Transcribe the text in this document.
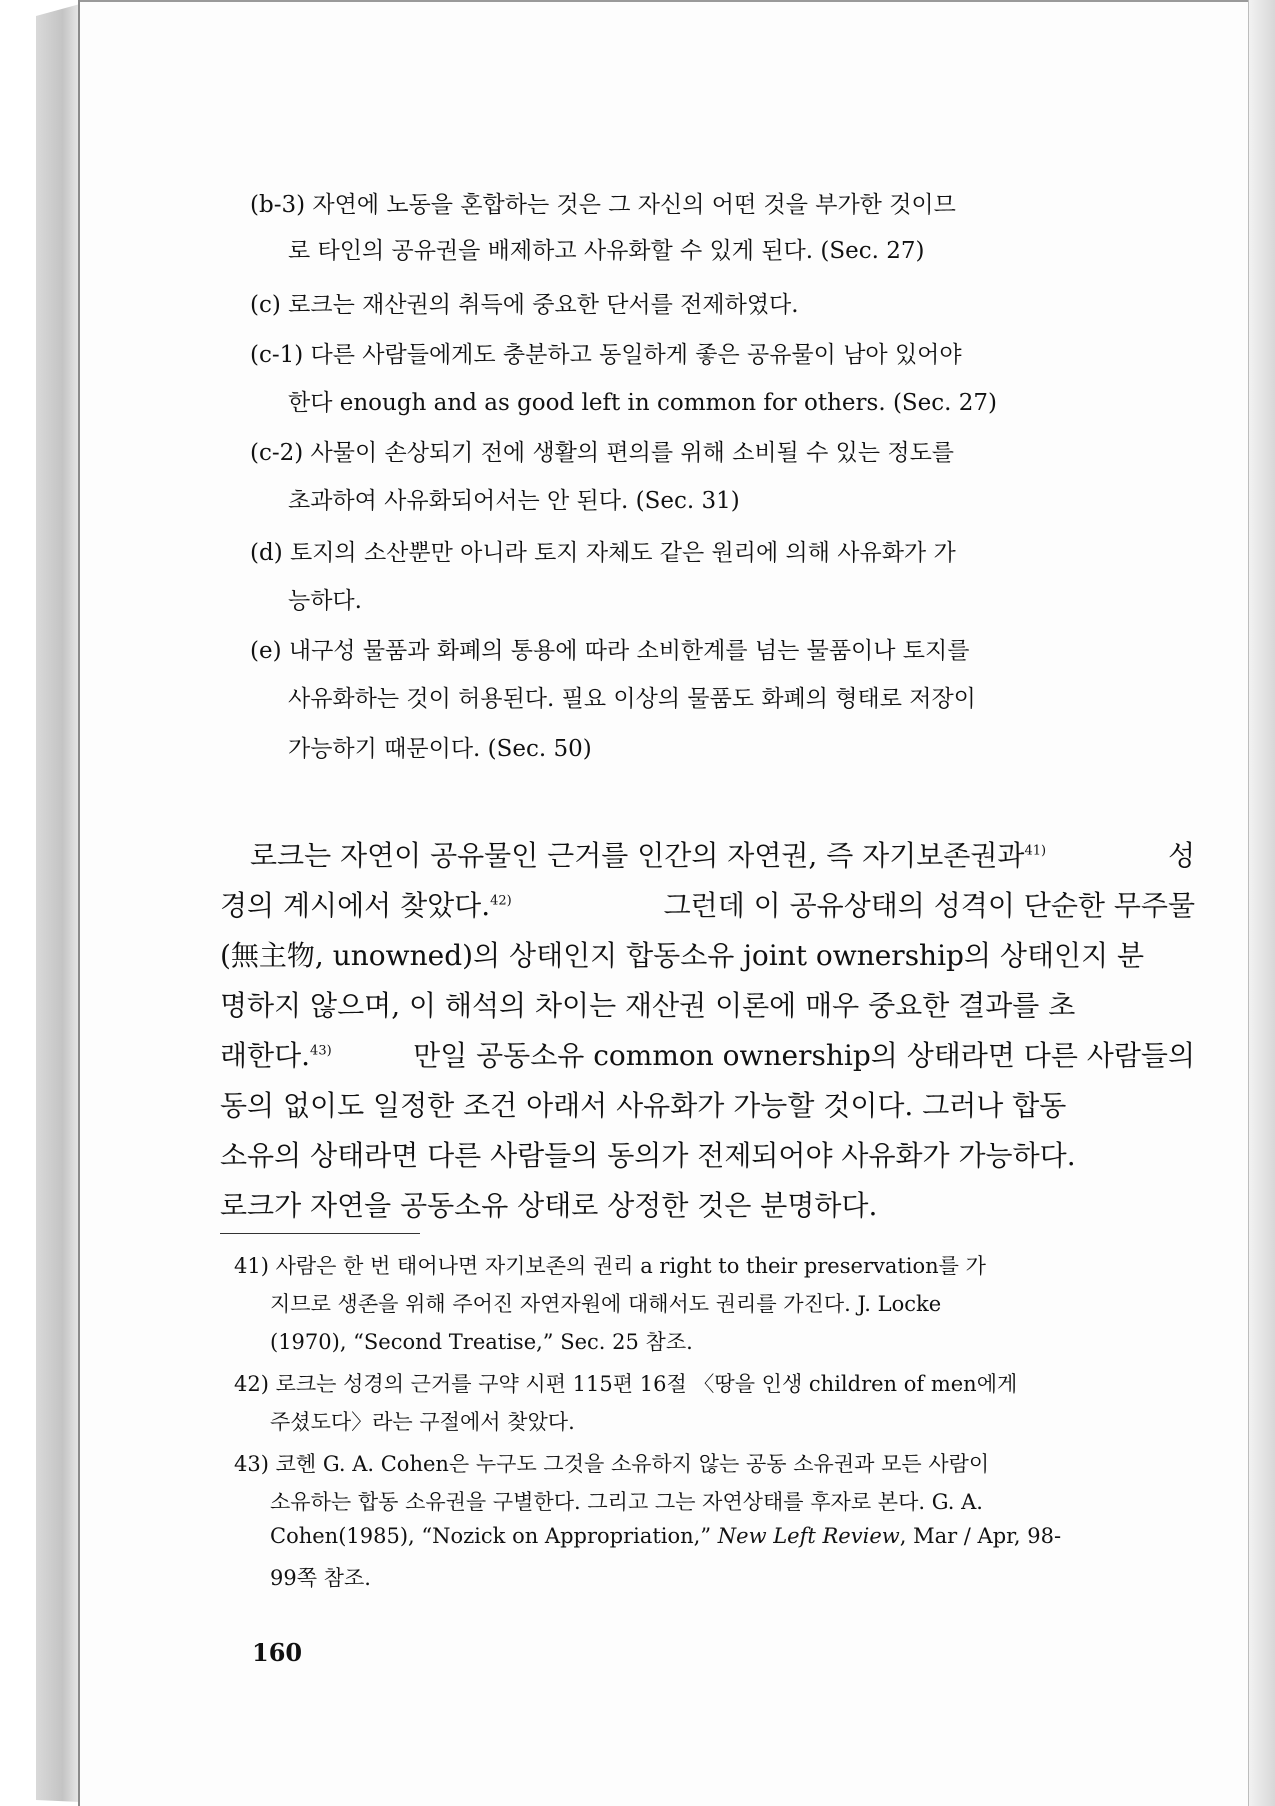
(b-3) 자연에 노동을 혼합하는 것은 그 자신의 어떤 것을 부가한 것이므
로 타인의 공유권을 배제하고 사유화할 수 있게 된다. (Sec. 27)
(c) 로크는 재산권의 취득에 중요한 단서를 전제하였다.
(c-1) 다른 사람들에게도 충분하고 동일하게 좋은 공유물이 남아 있어야
한다 enough and as good left in common for others. (Sec. 27)
(c-2) 사물이 손상되기 전에 생활의 편의를 위해 소비될 수 있는 정도를
초과하여 사유화되어서는 안 된다. (Sec. 31)
(d) 토지의 소산뿐만 아니라 토지 자체도 같은 원리에 의해 사유화가 가
능하다.
(e) 내구성 물품과 화폐의 통용에 따라 소비한계를 넘는 물품이나 토지를
사유화하는 것이 허용된다. 필요 이상의 물품도 화폐의 형태로 저장이
가능하기 때문이다. (Sec. 50)
로크는 자연이 공유물인 근거를 인간의 자연권, 즉 자기보존권과$^{41)}$	성
경의 계시에서 찾았다.$^{42)}$	그런데 이 공유상태의 성격이 단순한 무주물
(無主物, unowned)의 상태인지 합동소유 joint ownership의 상태인지 분
명하지 않으며, 이 해석의 차이는 재산권 이론에 매우 중요한 결과를 초
래한다.$^{43)}$	만일 공동소유 common ownership의 상태라면 다른 사람들의
동의 없이도 일정한 조건 아래서 사유화가 가능할 것이다. 그러나 합동
소유의 상태라면 다른 사람들의 동의가 전제되어야 사유화가 가능하다.
로크가 자연을 공동소유 상태로 상정한 것은 분명하다.
41) 사람은 한 번 태어나면 자기보존의 권리 a right to their preservation를 가
지므로 생존을 위해 주어진 자연자원에 대해서도 권리를 가진다. J. Locke
(1970), “Second Treatise,” Sec. 25 참조.
42) 로크는 성경의 근거를 구약 시편 115편 16절 〈땅을 인생 children of men에게
주셨도다〉라는 구절에서 찾았다.
43) 코헨 G. A. Cohen은 누구도 그것을 소유하지 않는 공동 소유권과 모든 사람이
소유하는 합동 소유권을 구별한다. 그리고 그는 자연상태를 후자로 본다. G. A.
Cohen(1985), “Nozick on Appropriation,” New Left Review, Mar / Apr, 98-
99쪽 참조.
160
